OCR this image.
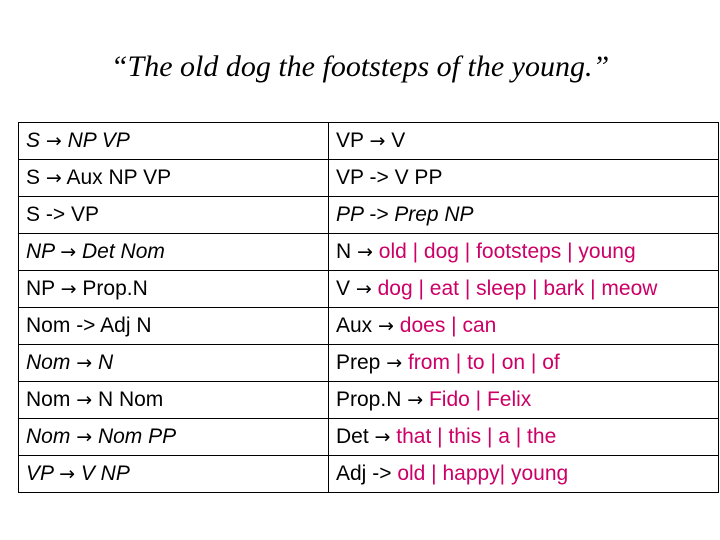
“The old dog the footsteps of the young.”
S → NP VP	VP → V
S → Aux NP VP	VP -> V PP
S -> VP	PP -> Prep NP
NP → Det Nom	N → old | dog | footsteps | young
NP → Prop.N	V → dog | eat | sleep | bark | meow
Nom -> Adj N	Aux → does | can
Nom → N	Prep → from | to | on | of
Nom → N Nom	Prop.N → Fido | Felix
Nom → Nom PP	Det → that | this | a | the
VP → V NP	Adj -> old | happy| young
